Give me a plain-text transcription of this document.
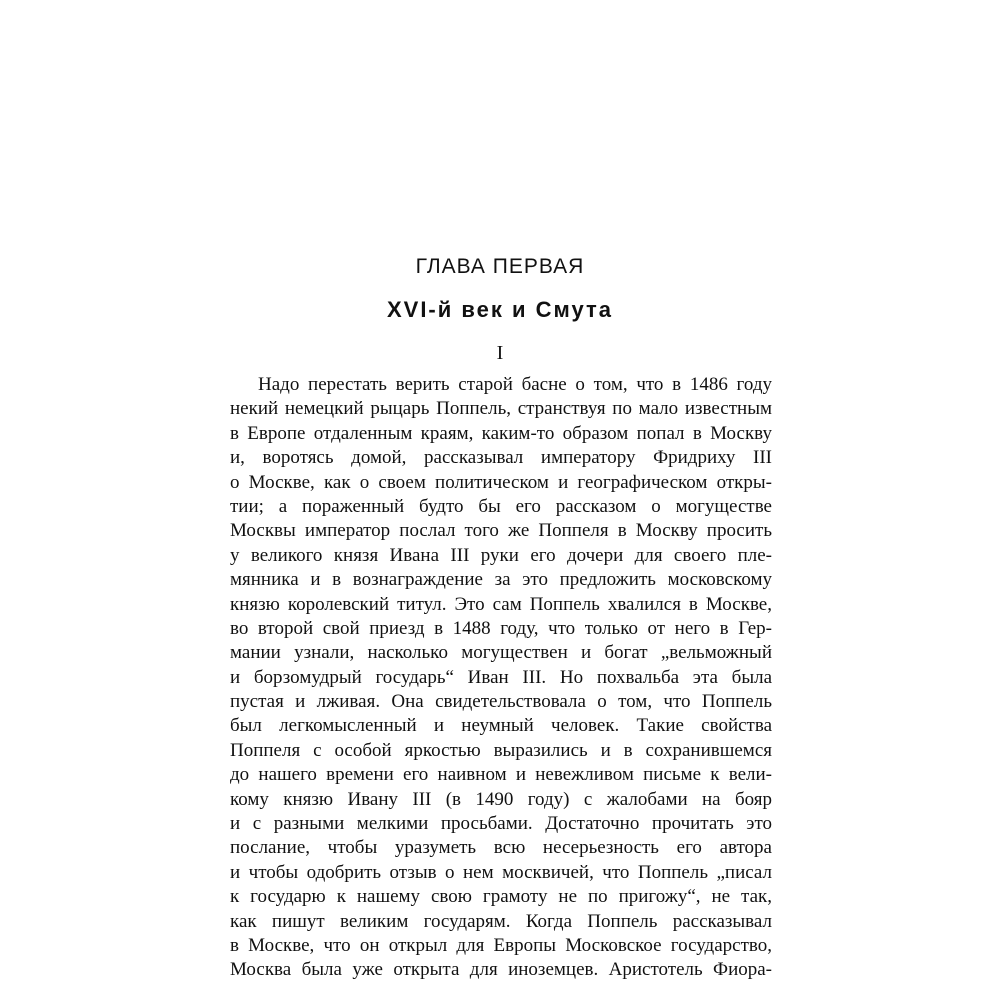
ГЛАВА ПЕРВАЯ
XVI-й век и Смута
I
Надо перестать верить старой басне о том, что в 1486 году
некий немецкий рыцарь Поппель, странствуя по мало известным
в Европе отдаленным краям, каким-то образом попал в Москву
и, воротясь домой, рассказывал императору Фридриху III
о Москве, как о своем политическом и географическом откры-
тии; а пораженный будто бы его рассказом о могуществе
Москвы император послал того же Поппеля в Москву просить
у великого князя Ивана III руки его дочери для своего пле-
мянника и в вознаграждение за это предложить московскому
князю королевский титул. Это сам Поппель хвалился в Москве,
во второй свой приезд в 1488 году, что только от него в Гер-
мании узнали, насколько могуществен и богат „вельможный
и борзомудрый государь“ Иван III. Но похвальба эта была
пустая и лживая. Она свидетельствовала о том, что Поппель
был легкомысленный и неумный человек. Такие свойства
Поппеля с особой яркостью выразились и в сохранившемся
до нашего времени его наивном и невежливом письме к вели-
кому князю Ивану III (в 1490 году) с жалобами на бояр
и с разными мелкими просьбами. Достаточно прочитать это
послание, чтобы уразуметь всю несерьезность его автора
и чтобы одобрить отзыв о нем москвичей, что Поппель „писал
к государю к нашему свою грамоту не по пригожу“, не так,
как пишут великим государям. Когда Поппель рассказывал
в Москве, что он открыл для Европы Московское государство,
Москва была уже открыта для иноземцев. Аристотель Фиора-
